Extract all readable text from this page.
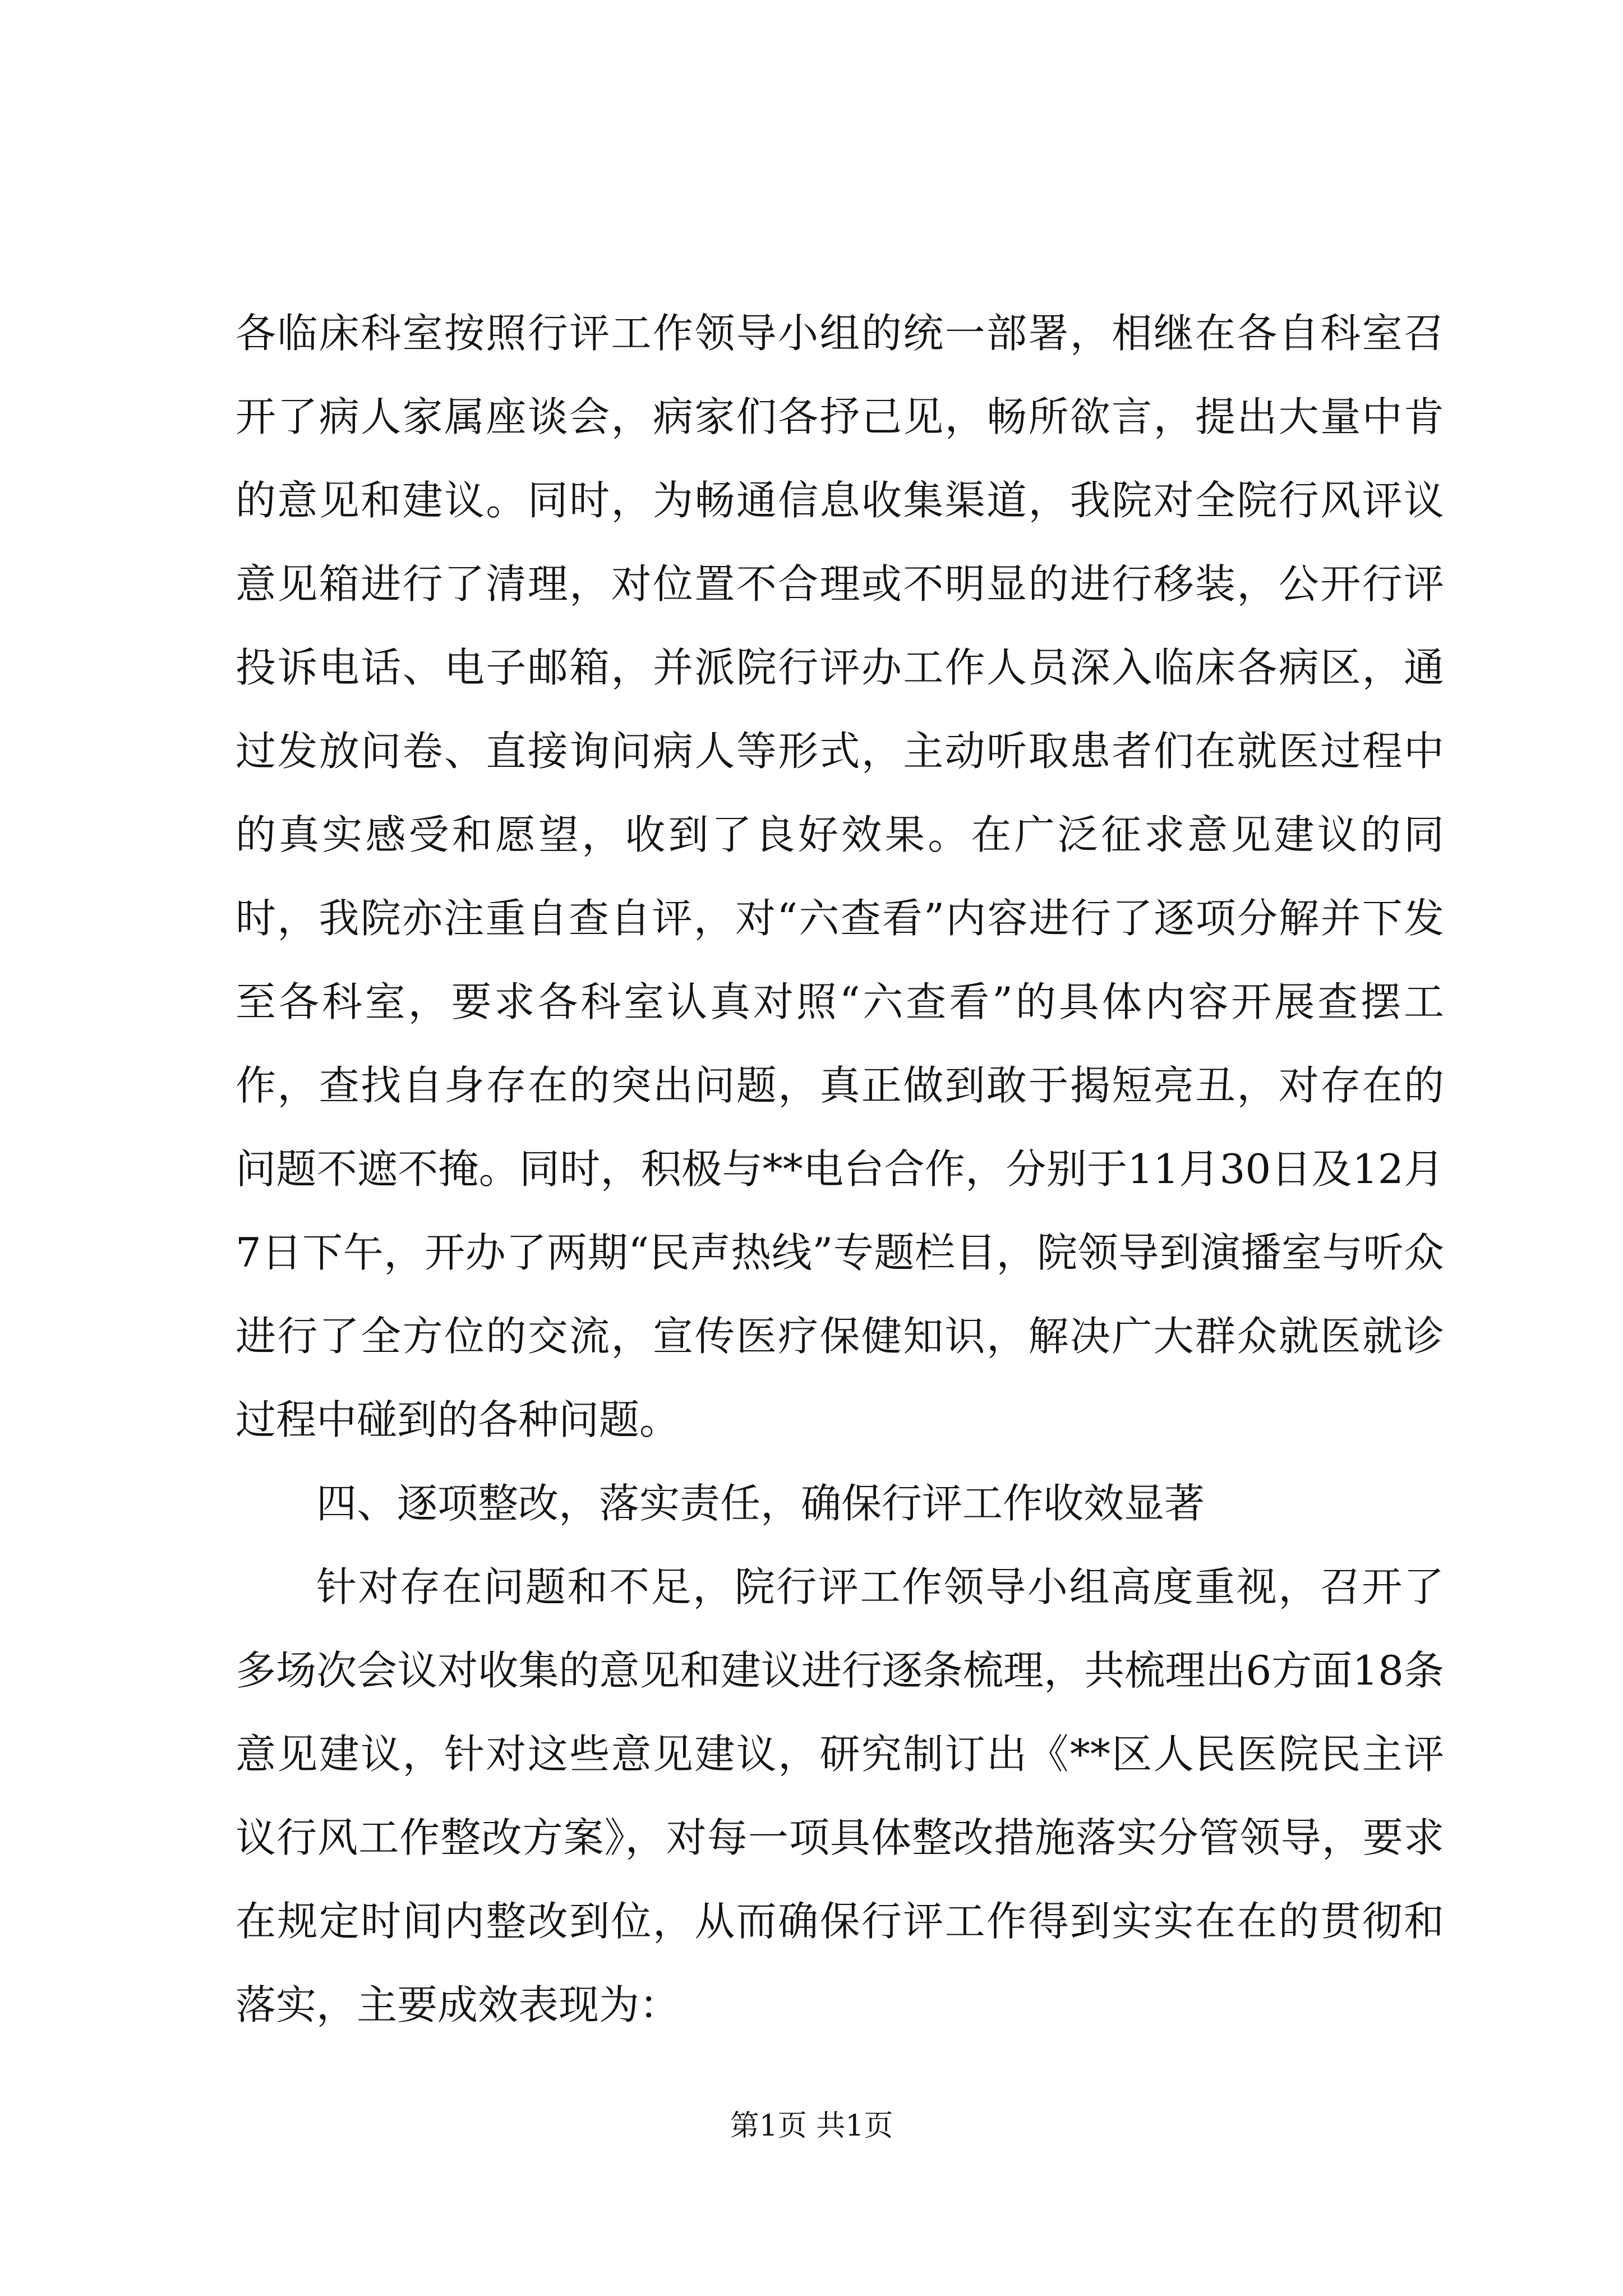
各临床科室按照行评工作领导小组的统一部署，相继在各自科室召开了病人家属座谈会，病家们各抒己见，畅所欲言，提出大量中肯的意见和建议。同时，为畅通信息收集渠道，我院对全院行风评议意见箱进行了清理，对位置不合理或不明显的进行移装，公开行评投诉电话、电子邮箱，并派院行评办工作人员深入临床各病区，通过发放问卷、直接询问病人等形式，主动听取患者们在就医过程中的真实感受和愿望，收到了良好效果。在广泛征求意见建议的同时，我院亦注重自查自评，对“六查看”内容进行了逐项分解并下发至各科室，要求各科室认真对照“六查看”的具体内容开展查摆工作，查找自身存在的突出问题，真正做到敢于揭短亮丑，对存在的问题不遮不掩。同时，积极与**电台合作，分别于11月30日及12月7日下午，开办了两期“民声热线”专题栏目，院领导到演播室与听众进行了全方位的交流，宣传医疗保健知识，解决广大群众就医就诊过程中碰到的各种问题。

四、逐项整改，落实责任，确保行评工作收效显著

针对存在问题和不足，院行评工作领导小组高度重视，召开了多场次会议对收集的意见和建议进行逐条梳理，共梳理出6方面18条意见建议，针对这些意见建议，研究制订出《**区人民医院民主评议行风工作整改方案》，对每一项具体整改措施落实分管领导，要求在规定时间内整改到位，从而确保行评工作得到实实在在的贯彻和落实，主要成效表现为：

第1页 共1页
